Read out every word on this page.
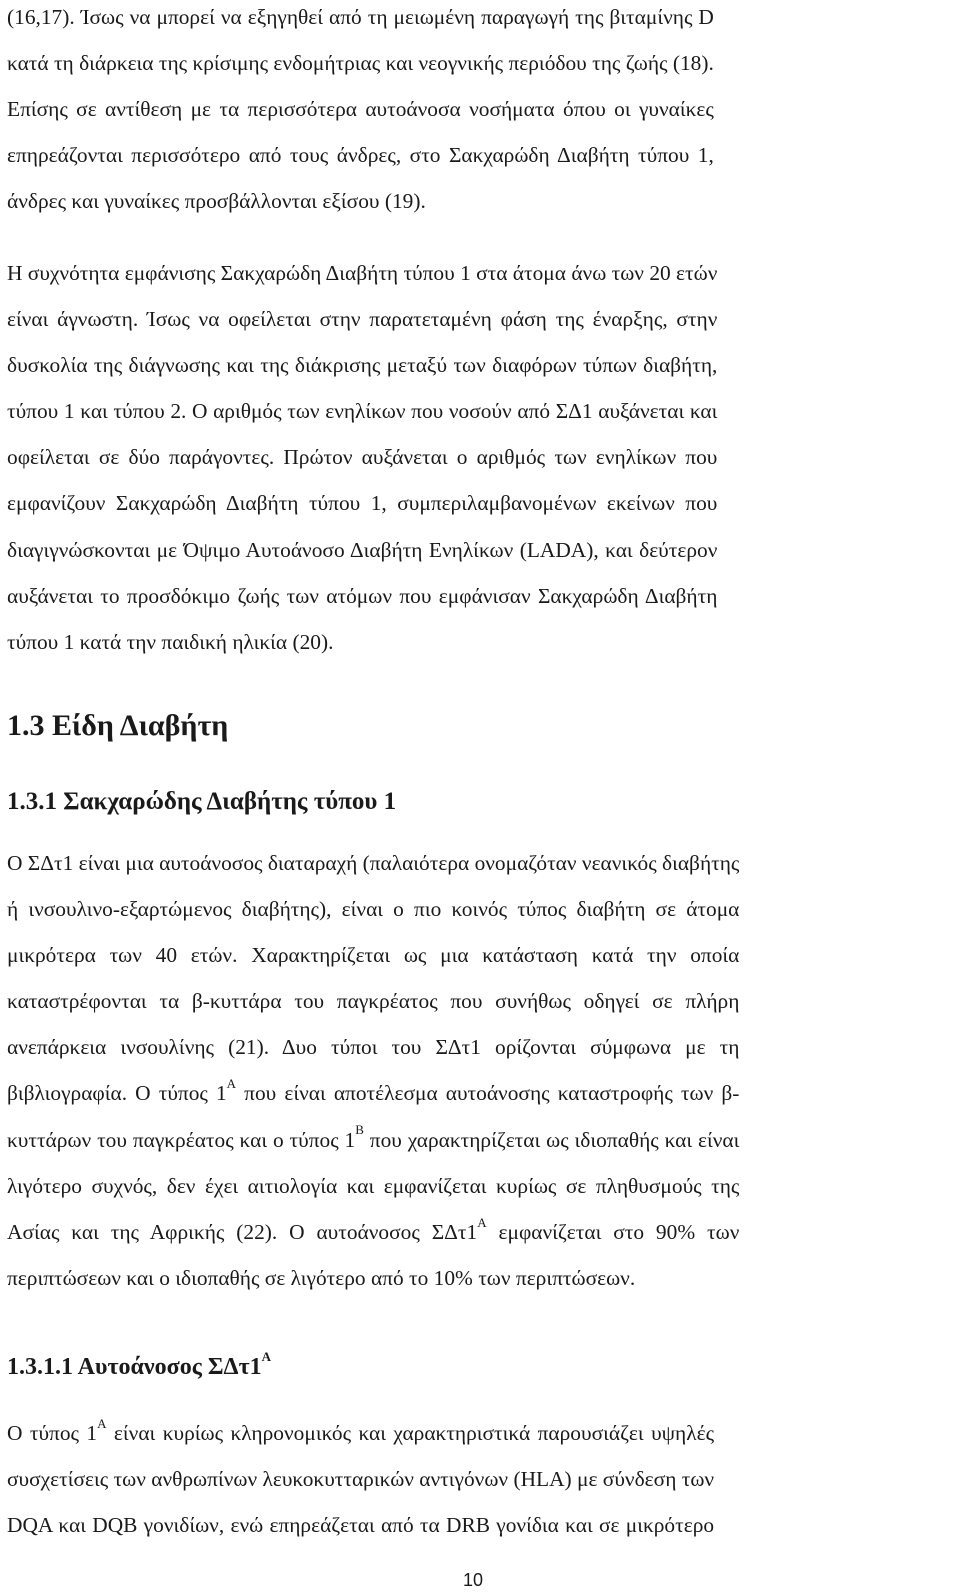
(16,17). Ίσως να μπορεί να εξηγηθεί από τη μειωμένη παραγωγή της βιταμίνης D
κατά τη διάρκεια της κρίσιμης ενδομήτριας και νεογνικής περιόδου της ζωής (18).
Επίσης σε αντίθεση με τα περισσότερα αυτοάνοσα νοσήματα όπου οι γυναίκες
επηρεάζονται περισσότερο από τους άνδρες, στο Σακχαρώδη Διαβήτη τύπου 1,
άνδρες και γυναίκες προσβάλλονται εξίσου (19).
Η συχνότητα εμφάνισης Σακχαρώδη Διαβήτη τύπου 1 στα άτομα άνω των 20 ετών
είναι άγνωστη. Ίσως να οφείλεται στην παρατεταμένη φάση της έναρξης, στην
δυσκολία της διάγνωσης και της διάκρισης μεταξύ των διαφόρων τύπων διαβήτη,
τύπου 1 και τύπου 2. Ο αριθμός των ενηλίκων που νοσούν από ΣΔ1 αυξάνεται και
οφείλεται σε δύο παράγοντες. Πρώτον αυξάνεται ο αριθμός των ενηλίκων που
εμφανίζουν Σακχαρώδη Διαβήτη τύπου 1, συμπεριλαμβανομένων εκείνων που
διαγιγνώσκονται με Όψιμο Αυτοάνοσο Διαβήτη Ενηλίκων (LADA), και δεύτερον
αυξάνεται το προσδόκιμο ζωής των ατόμων που εμφάνισαν Σακχαρώδη Διαβήτη
τύπου 1 κατά την παιδική ηλικία (20).
1.3 Είδη Διαβήτη
1.3.1 Σακχαρώδης Διαβήτης τύπου 1
Ο ΣΔτ1 είναι μια αυτοάνοσος διαταραχή (παλαιότερα ονομαζόταν νεανικός διαβήτης
ή ινσουλινο-εξαρτώμενος διαβήτης), είναι ο πιο κοινός τύπος διαβήτη σε άτομα
μικρότερα των 40 ετών. Χαρακτηρίζεται ως μια κατάσταση κατά την οποία
καταστρέφονται τα β-κυττάρα του παγκρέατος που συνήθως οδηγεί σε πλήρη
ανεπάρκεια ινσουλίνης (21). Δυο τύποι του ΣΔτ1 ορίζονται σύμφωνα με τη
βιβλιογραφία. Ο τύπος $1^A$ που είναι αποτέλεσμα αυτοάνοσης καταστροφής των β-
κυττάρων του παγκρέατος και ο τύπος $1^B$ που χαρακτηρίζεται ως ιδιοπαθής και είναι
λιγότερο συχνός, δεν έχει αιτιολογία και εμφανίζεται κυρίως σε πληθυσμούς της
Ασίας και της Αφρικής (22). Ο αυτοάνοσος $\Sigma\Delta\tau 1^A$ εμφανίζεται στο 90% των
περιπτώσεων και ο ιδιοπαθής σε λιγότερο από το 10% των περιπτώσεων.
1.3.1.1 Αυτοάνοσος $\Sigma\Delta\tau 1^A$
Ο τύπος $1^A$ είναι κυρίως κληρονομικός και χαρακτηριστικά παρουσιάζει υψηλές
συσχετίσεις των ανθρωπίνων λευκοκυτταρικών αντιγόνων (HLA) με σύνδεση των
DQA και DQB γονιδίων, ενώ επηρεάζεται από τα DRB γονίδια και σε μικρότερο
10
